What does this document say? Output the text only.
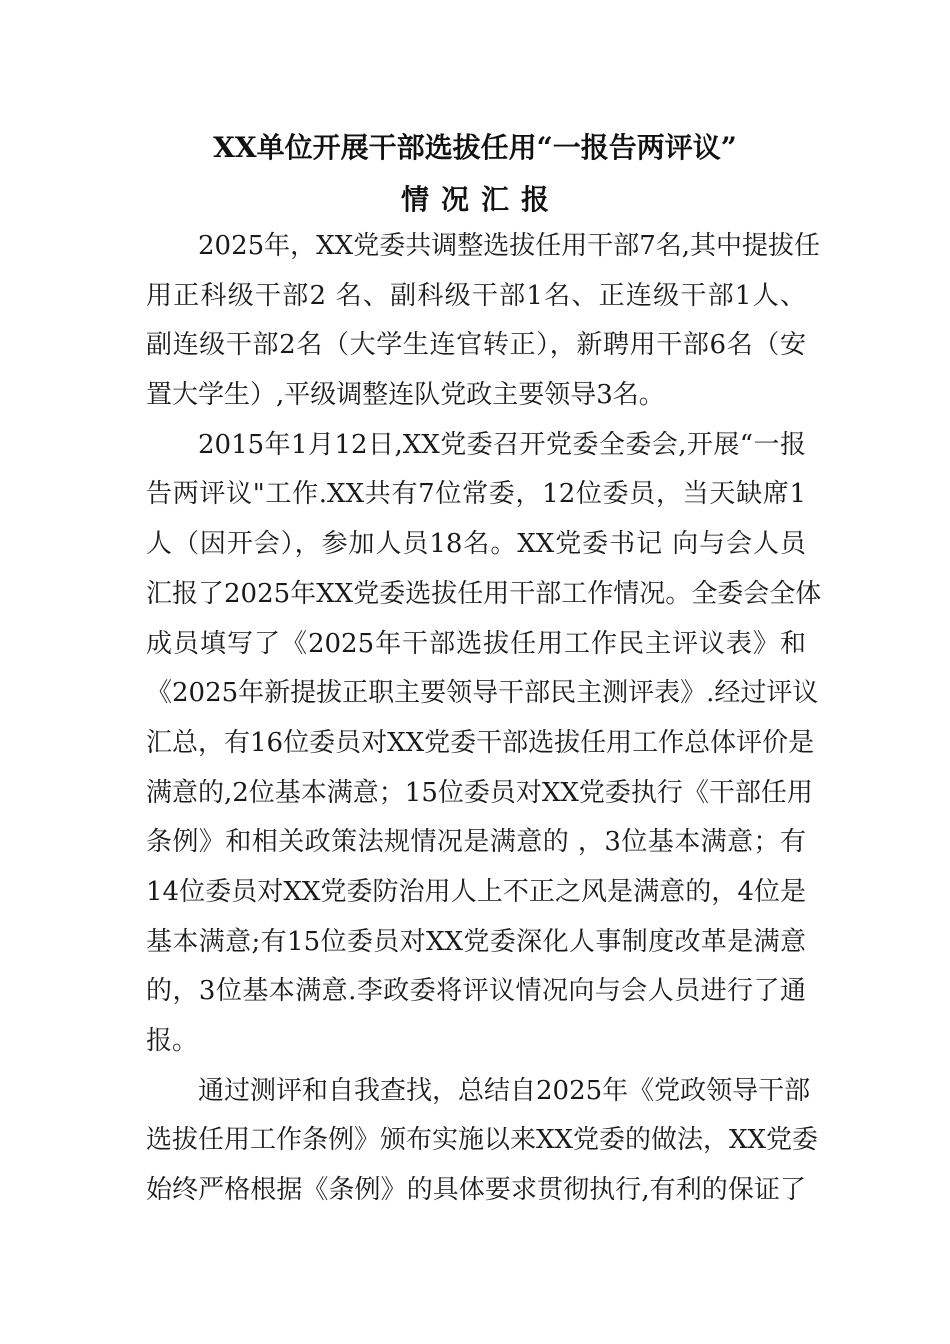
XX单位开展干部选拔任用“一报告两评议”
情况汇报
2025年，XX党委共调整选拔任用干部7名,其中提拔任
用正科级干部2 名、副科级干部1名、正连级干部1人、
副连级干部2名（大学生连官转正），新聘用干部6名（安
置大学生）,平级调整连队党政主要领导3名。
2015年1月12日,XX党委召开党委全委会,开展“一报
告两评议"工作.XX共有7位常委，12位委员，当天缺席1
人（因开会），参加人员18名。XX党委书记 向与会人员
汇报了2025年XX党委选拔任用干部工作情况。全委会全体
成员填写了《2025年干部选拔任用工作民主评议表》和
《2025年新提拔正职主要领导干部民主测评表》.经过评议
汇总，有16位委员对XX党委干部选拔任用工作总体评价是
满意的,2位基本满意；15位委员对XX党委执行《干部任用
条例》和相关政策法规情况是满意的 ，3位基本满意；有
14位委员对XX党委防治用人上不正之风是满意的，4位是
基本满意;有15位委员对XX党委深化人事制度改革是满意
的，3位基本满意.李政委将评议情况向与会人员进行了通
报。
通过测评和自我查找，总结自2025年《党政领导干部
选拔任用工作条例》颁布实施以来XX党委的做法，XX党委
始终严格根据《条例》的具体要求贯彻执行,有利的保证了
